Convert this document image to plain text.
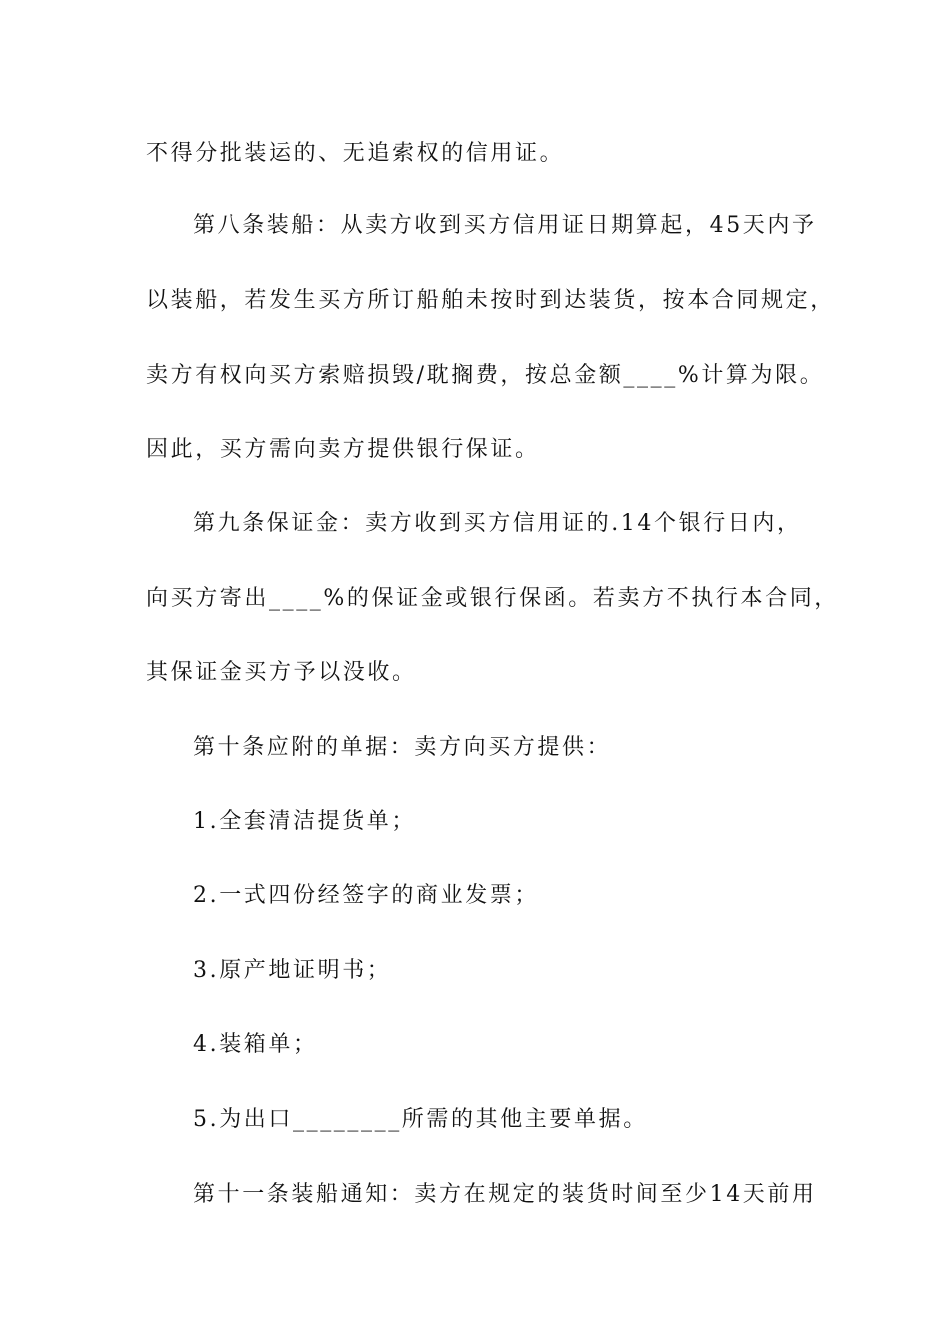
不得分批装运的、无追索权的信用证。
第八条装船：从卖方收到买方信用证日期算起，45天内予
以装船，若发生买方所订船舶未按时到达装货，按本合同规定，
卖方有权向买方索赔损毁/耽搁费，按总金额____%计算为限。
因此，买方需向卖方提供银行保证。
第九条保证金：卖方收到买方信用证的.14个银行日内，
向买方寄出____%的保证金或银行保函。若卖方不执行本合同，
其保证金买方予以没收。
第十条应附的单据：卖方向买方提供：
1.全套清洁提货单；
2.一式四份经签字的商业发票；
3.原产地证明书；
4.装箱单；
5.为出口________所需的其他主要单据。
第十一条装船通知：卖方在规定的装货时间至少14天前用
